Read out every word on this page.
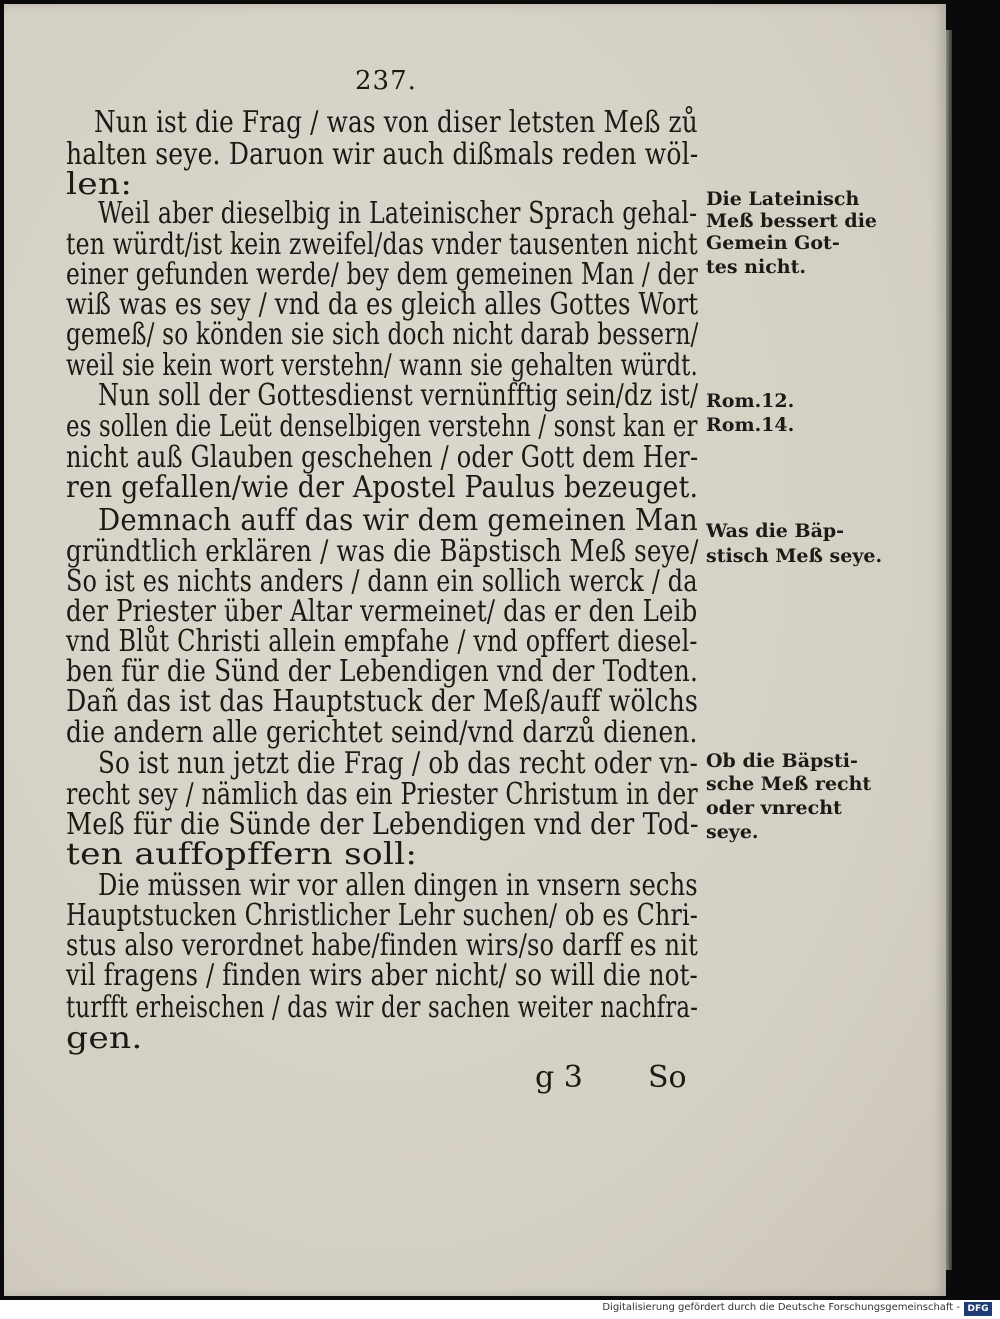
237.
Nun ist die Frag / was von diser letsten Meß zů
halten seye. Daruon wir auch dißmals reden wöl-
len:
Weil aber dieselbig in Lateinischer Sprach gehal-
ten würdt/ist kein zweifel/das vnder tausenten nicht
einer gefunden werde/ bey dem gemeinen Man / der
wiß was es sey / vnd da es gleich alles Gottes Wort
gemeß/ so könden sie sich doch nicht darab bessern/
weil sie kein wort verstehn/ wann sie gehalten würdt.
Nun soll der Gottesdienst vernünfftig sein/dz ist/
es sollen die Leüt denselbigen verstehn / sonst kan er
nicht auß Glauben geschehen / oder Gott dem Her-
ren gefallen/wie der Apostel Paulus bezeuget.
Demnach auff das wir dem gemeinen Man
gründtlich erklären / was die Bäpstisch Meß seye/
So ist es nichts anders / dann ein sollich werck / da
der Priester über Altar vermeinet/ das er den Leib
vnd Blůt Christi allein empfahe / vnd opffert diesel-
ben für die Sünd der Lebendigen vnd der Todten.
Dañ das ist das Hauptstuck der Meß/auff wölchs
die andern alle gerichtet seind/vnd darzů dienen.
So ist nun jetzt die Frag / ob das recht oder vn-
recht sey / nämlich das ein Priester Christum in der
Meß für die Sünde der Lebendigen vnd der Tod-
ten auffopffern soll:
Die müssen wir vor allen dingen in vnsern sechs
Hauptstucken Christlicher Lehr suchen/ ob es Chri-
stus also verordnet habe/finden wirs/so darff es nit
vil fragens / finden wirs aber nicht/ so will die not-
turfft erheischen / das wir der sachen weiter nachfra-
gen.
Die Lateinisch
Meß bessert die
Gemein Got-
tes nicht.
Rom.12.
Rom.14.
Was die Bäp-
stisch Meß seye.
Ob die Bäpsti-
sche Meß recht
oder vnrecht
seye.
g 3 So
Digitalisierung gefördert durch die Deutsche Forschungsgemeinschaft - DFG
